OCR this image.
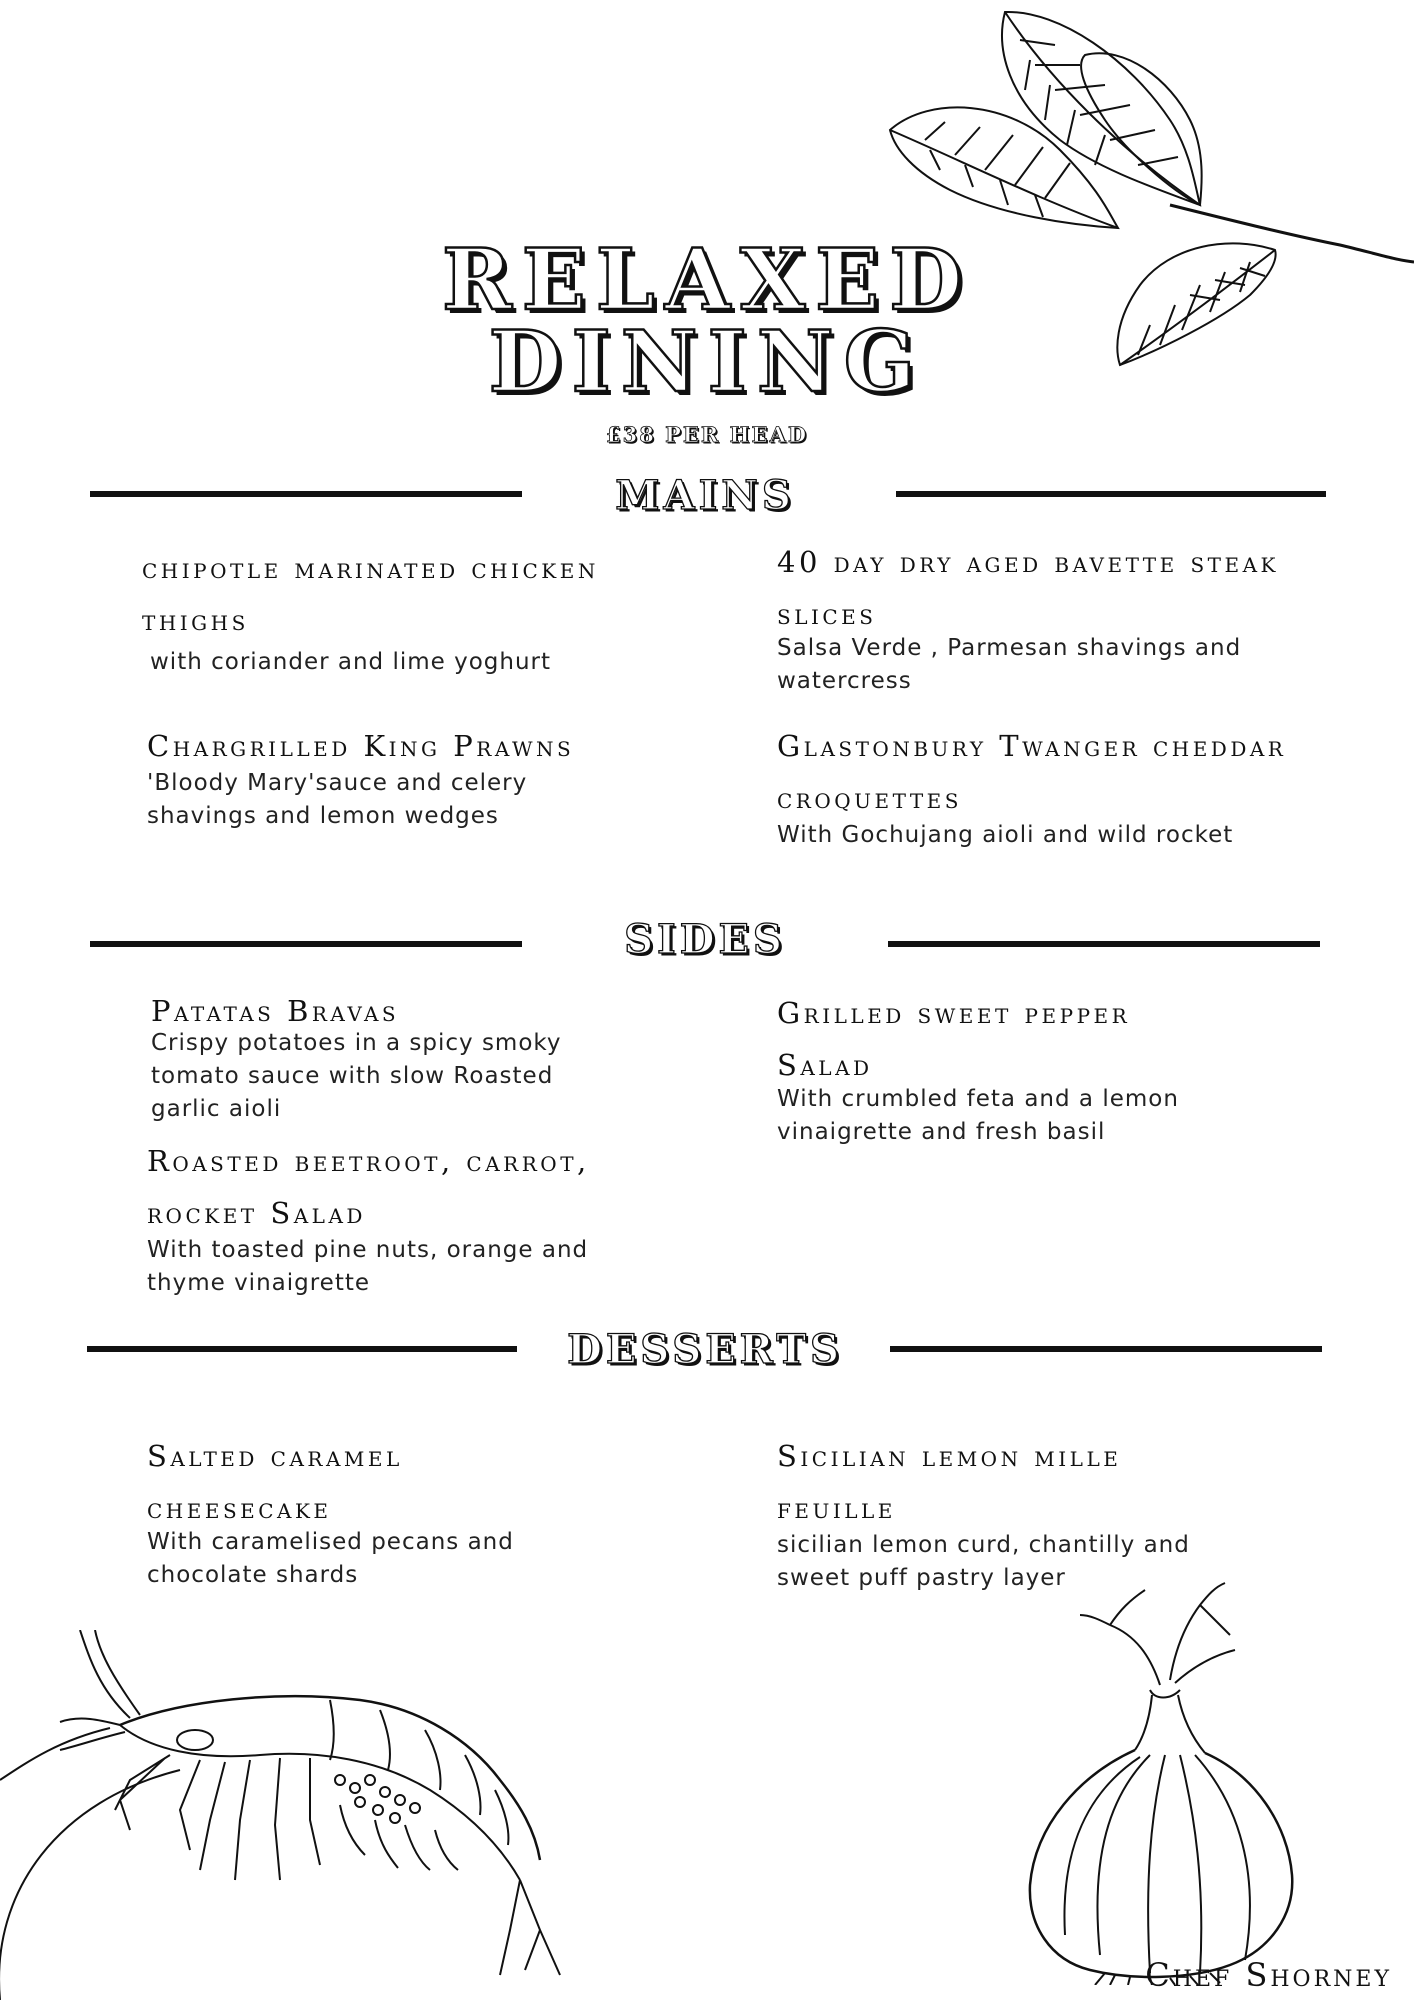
RELAXED
DINING
£38 PER HEAD
MAINS
chipotle marinated chicken thighs
with coriander and lime yoghurt
40 day dry aged bavette steak slices
Salsa Verde , Parmesan shavings and watercress
Chargrilled King Prawns
'Bloody Mary'sauce and celery shavings and lemon wedges
Glastonbury Twanger cheddar croquettes
With Gochujang aioli and wild rocket
SIDES
Patatas Bravas
Crispy potatoes in a spicy smoky tomato sauce with slow Roasted garlic aioli
Grilled sweet pepper Salad
With crumbled feta and a lemon vinaigrette and fresh basil
Roasted beetroot, carrot, rocket Salad
With toasted pine nuts, orange and thyme vinaigrette
DESSERTS
Salted caramel cheesecake
With caramelised pecans and chocolate shards
Sicilian lemon mille feuille
sicilian lemon curd, chantilly and sweet puff pastry layer
Chef Shorney
